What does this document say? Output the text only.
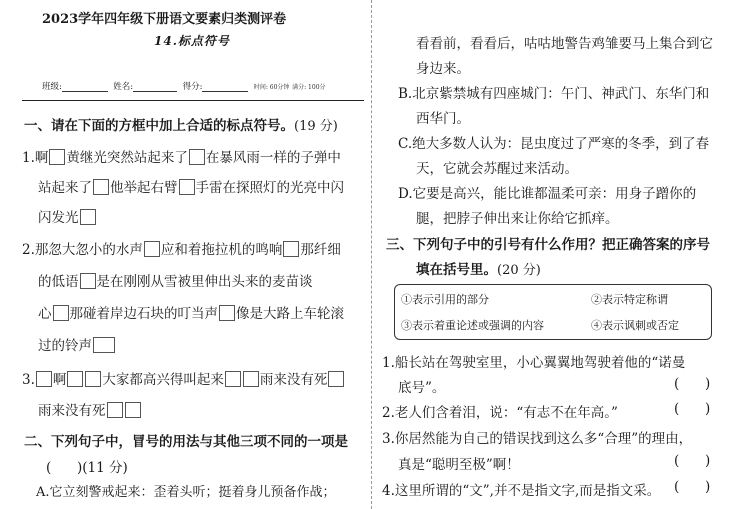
2023学年四年级下册语文要素归类测评卷
14.标点符号
班级:	姓名:	得分:	时间: 60分钟 满分: 100分
一、请在下面的方框中加上合适的标点符号。(19 分)
1.啊 黄继光突然站起来了 在暴风雨一样的子弹中
站起来了 他举起右臂 手雷在探照灯的光亮中闪
闪发光
2.那忽大忽小的水声 应和着拖拉机的鸣响 那纤细
的低语 是在刚刚从雪被里伸出头来的麦苗谈
心 那碰着岸边石块的叮当声 像是大路上车轮滚
过的铃声
3. 啊	大家都高兴得叫起来	雨来没有死
雨来没有死
二、下列句子中，冒号的用法与其他三项不同的一项是
(      )(11 分)
A.它立刻警戒起来：歪着头听；挺着身儿预备作战；
看看前，看看后，咕咕地警告鸡雏要马上集合到它
身边来。
B.北京紫禁城有四座城门：午门、神武门、东华门和
西华门。
C.绝大多数人认为：昆虫度过了严寒的冬季，到了春
天，它就会苏醒过来活动。
D.它要是高兴，能比谁都温柔可亲：用身子蹭你的
腿，把脖子伸出来让你给它抓痒。
三、下列句子中的引号有什么作用？把正确答案的序号
填在括号里。(20 分)
①表示引用的部分	②表示特定称谓
③表示着重论述或强调的内容	④表示讽刺或否定
1.船长站在驾驶室里，小心翼翼地驾驶着他的“诺曼
底号”。	(      )
2.老人们含着泪，说：“有志不在年高。”	(      )
3.你居然能为自己的错误找到这么多“合理”的理由，
真是“聪明至极”啊！	(      )
4.这里所谓的“文”,并不是指文字,而是指文采。 (      )
